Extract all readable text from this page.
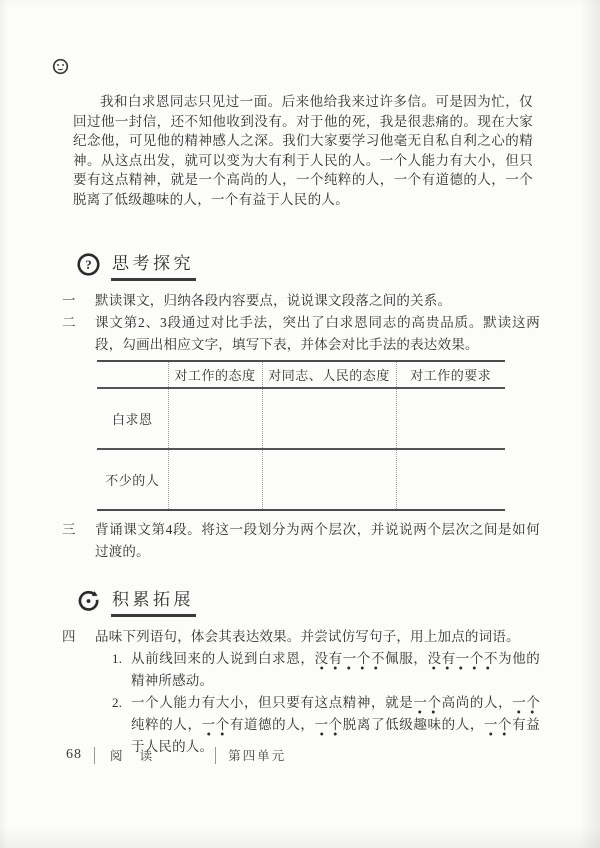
我和白求恩同志只见过一面。后来他给我来过许多信。可是因为忙，仅回过他一封信，还不知他收到没有。对于他的死，我是很悲痛的。现在大家纪念他，可见他的精神感人之深。我们大家要学习他毫无自私自利之心的精神。从这点出发，就可以变为大有利于人民的人。一个人能力有大小，但只要有这点精神，就是一个高尚的人，一个纯粹的人，一个有道德的人，一个脱离了低级趣味的人，一个有益于人民的人。

? 思考探究
一	默读课文，归纳各段内容要点，说说课文段落之间的关系。
二	课文第2、3段通过对比手法，突出了白求恩同志的高贵品质。默读这两段，勾画出相应文字，填写下表，并体会对比手法的表达效果。
	对工作的态度	对同志、人民的态度	对工作的要求
白求恩			
不少的人			
三	背诵课文第4段。将这一段划分为两个层次，并说说两个层次之间是如何过渡的。
积累拓展
四	品味下列语句，体会其表达效果。并尝试仿写句子，用上加点的词语。
1. 从前线回来的人说到白求恩，没有一个不佩服，没有一个不为他的精神所感动。
2. 一个人能力有大小，但只要有这点精神，就是一个高尚的人，一个纯粹的人，一个有道德的人，一个脱离了低级趣味的人，一个有益于人民的人。
68 阅 读	第四单元
